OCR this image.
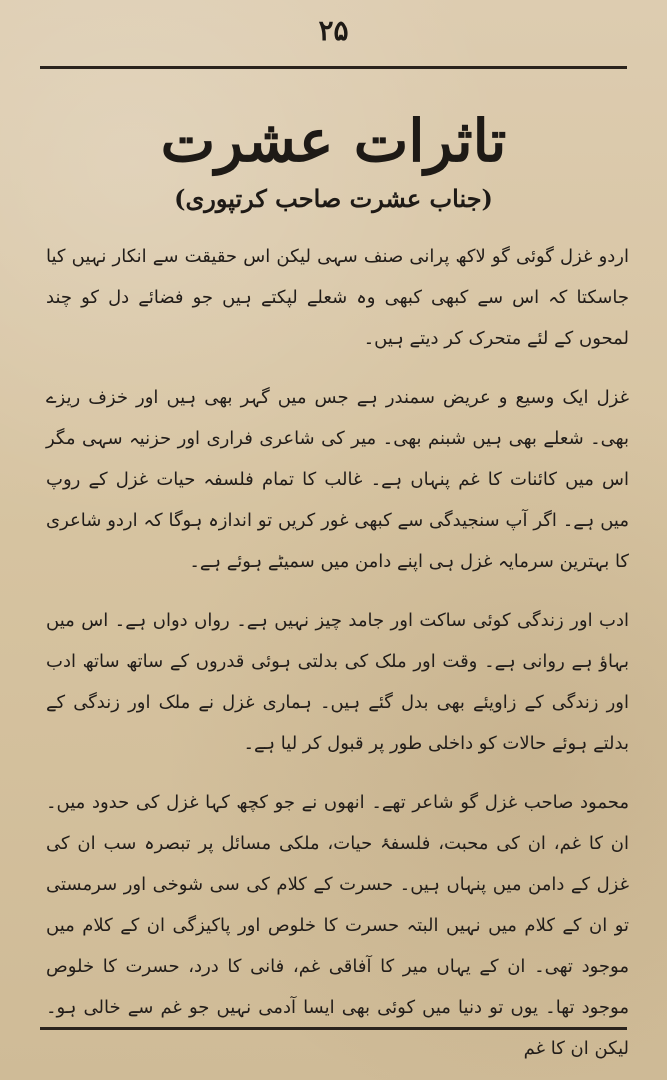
۲۵
تاثرات عشرت
(جناب عشرت صاحب کرتپوری)

اردو غزل گوئی گو لاکھ پرانی صنف سہی لیکن اس حقیقت سے انکار نہیں کیا جاسکتا کہ اس سے کبھی کبھی وہ شعلے لپکتے ہیں جو فضائے دل کو چند لمحوں کے لئے متحرک کر دیتے ہیں۔

غزل ایک وسیع و عریض سمندر ہے جس میں گہر بھی ہیں اور خزف ریزے بھی۔ شعلے بھی ہیں شبنم بھی۔ میر کی شاعری فراری اور حزنیہ سہی مگر اس میں کائنات کا غم پنہاں ہے۔ غالب کا تمام فلسفہ حیات غزل کے روپ میں ہے۔ اگر آپ سنجیدگی سے کبھی غور کریں تو اندازہ ہوگا کہ اردو شاعری کا بہترین سرمایہ غزل ہی اپنے دامن میں سمیٹے ہوئے ہے۔

ادب اور زندگی کوئی ساکت اور جامد چیز نہیں ہے۔ رواں دواں ہے۔ اس میں بہاؤ ہے روانی ہے۔ وقت اور ملک کی بدلتی ہوئی قدروں کے ساتھ ساتھ ادب اور زندگی کے زاویئے بھی بدل گئے ہیں۔ ہماری غزل نے ملک اور زندگی کے بدلتے ہوئے حالات کو داخلی طور پر قبول کر لیا ہے۔

محمود صاحب غزل گو شاعر تھے۔ انھوں نے جو کچھ کہا غزل کی حدود میں۔ ان کا غم، ان کی محبت، فلسفۂ حیات، ملکی مسائل پر تبصرہ سب ان کی غزل کے دامن میں پنہاں ہیں۔ حسرت کے کلام کی سی شوخی اور سرمستی تو ان کے کلام میں نہیں البتہ حسرت کا خلوص اور پاکیزگی ان کے کلام میں موجود تھی۔ ان کے یہاں میر کا آفاقی غم، فانی کا درد، حسرت کا خلوص موجود تھا۔ یوں تو دنیا میں کوئی بھی ایسا آدمی نہیں جو غم سے خالی ہو۔ لیکن ان کا غم
